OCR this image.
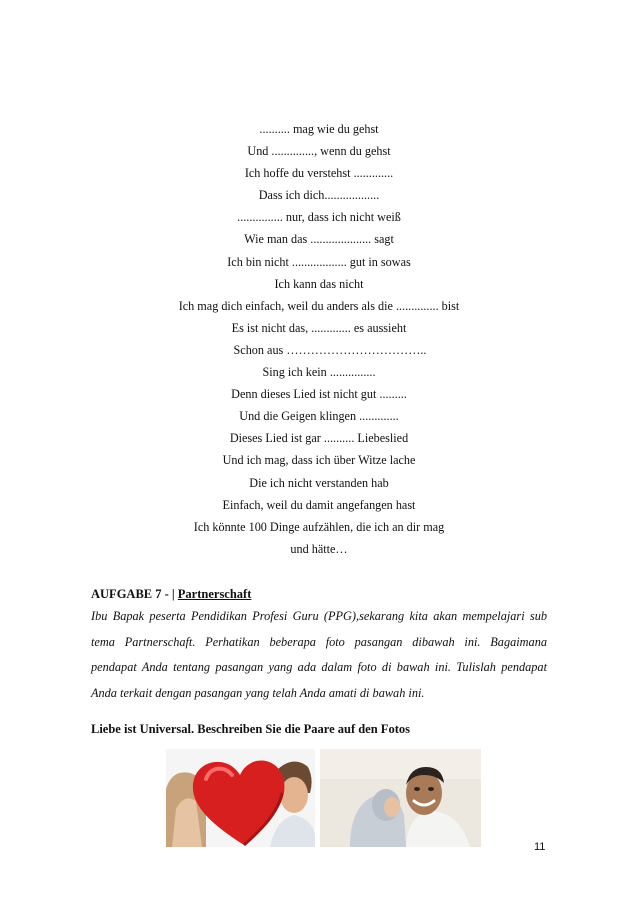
.......... mag wie du gehst
Und .............., wenn du gehst
Ich hoffe du verstehst .............
Dass ich dich..................
............... nur, dass ich nicht weiß
Wie man das .................... sagt
Ich bin nicht .................. gut in sowas
Ich kann das nicht
Ich mag dich einfach, weil du anders als die .............. bist
Es ist nicht das, ............. es aussieht
Schon aus ……………………………..
Sing ich kein ...............
Denn dieses Lied ist nicht gut .........
Und die Geigen klingen .............
Dieses Lied ist gar .......... Liebeslied
Und ich mag, dass ich über Witze lache
Die ich nicht verstanden hab
Einfach, weil du damit angefangen hast
Ich könnte 100 Dinge aufzählen, die ich an dir mag
und hätte…
AUFGABE 7 - | Partnerschaft
Ibu Bapak peserta Pendidikan Profesi Guru (PPG),sekarang kita akan mempelajari sub
tema Partnerschaft. Perhatikan beberapa foto pasangan dibawah ini. Bagaimana
pendapat Anda tentang pasangan yang ada dalam foto di bawah ini. Tulislah pendapat
Anda terkait dengan pasangan yang telah Anda amati di bawah ini.
Liebe ist Universal. Beschreiben Sie die Paare auf den Fotos
11
